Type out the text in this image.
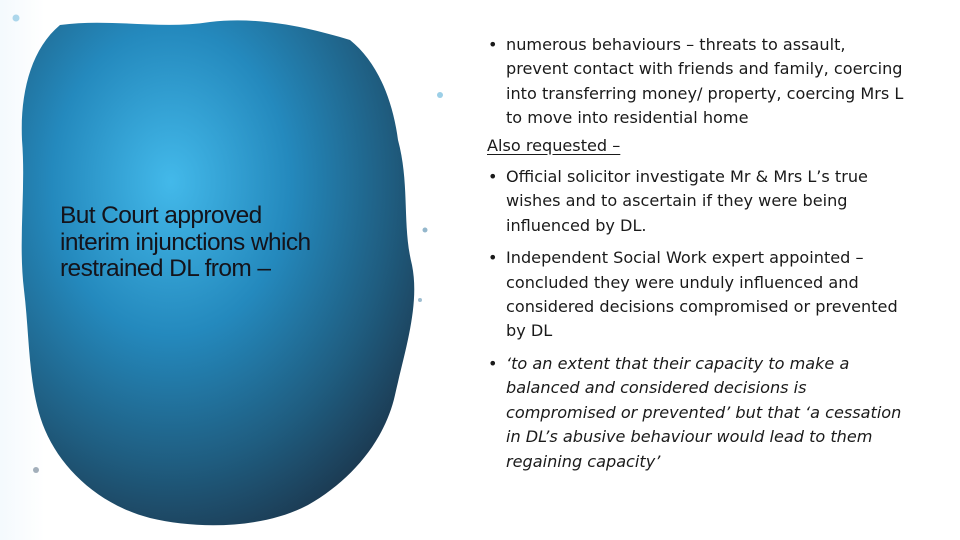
But Court approved interim injunctions which restrained DL from –

• numerous behaviours – threats to assault, prevent contact with friends and family, coercing into transferring money/ property, coercing Mrs L to move into residential home

Also requested –

• Official solicitor investigate Mr & Mrs L’s true wishes and to ascertain if they were being influenced by DL.

• Independent Social Work expert appointed – concluded they were unduly influenced and considered decisions compromised or prevented by DL

• ‘to an extent that their capacity to make a balanced and considered decisions is compromised or prevented’ but that ‘a cessation in DL’s abusive behaviour would lead to them regaining capacity’
